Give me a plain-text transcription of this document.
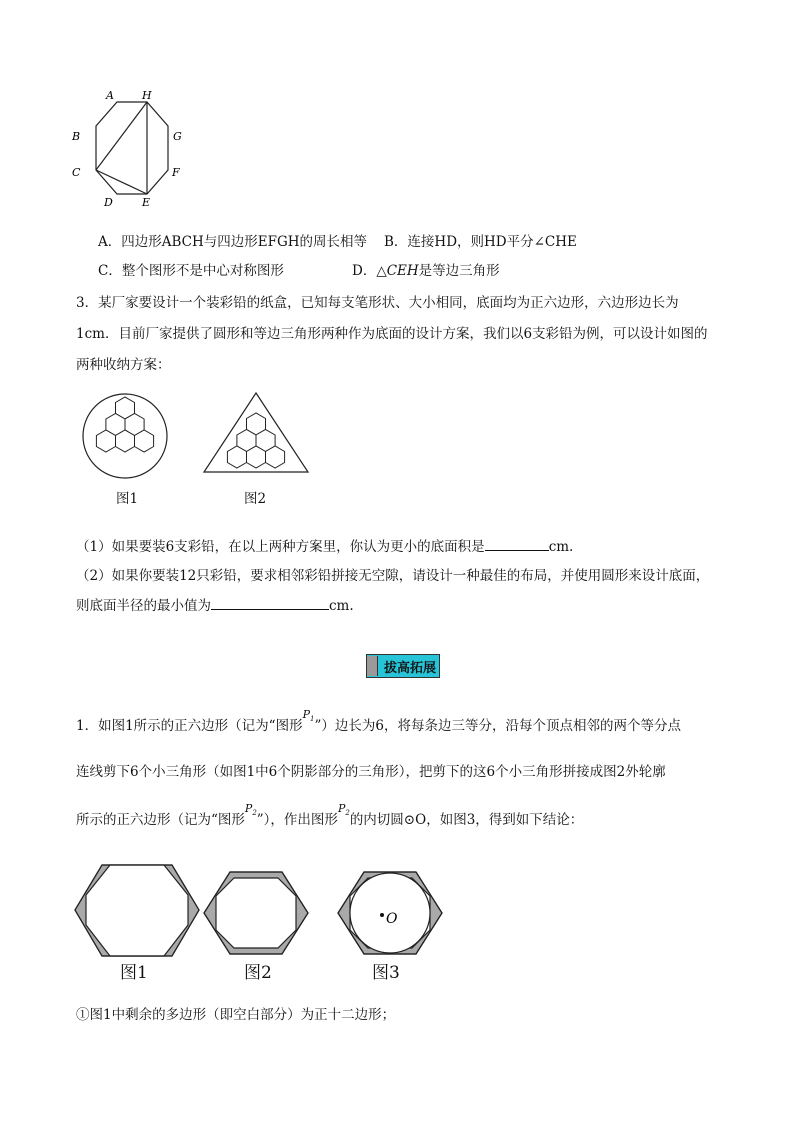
A	H
B	G
C	F
D	E
A．四边形ABCH与四边形EFGH的周长相等 B．连接HD，则HD平分∠CHE
C．整个图形不是中心对称图形	D．△CEH是等边三角形
3．某厂家要设计一个装彩铅的纸盒，已知每支笔形状、大小相同，底面均为正六边形，六边形边长为
1cm．目前厂家提供了圆形和等边三角形两种作为底面的设计方案，我们以6支彩铅为例，可以设计如图的
两种收纳方案：
图1	图2
（1）如果要装6支彩铅，在以上两种方案里，你认为更小的底面积是	cm.
（2）如果你要装12只彩铅，要求相邻彩铅拼接无空隙，请设计一种最佳的布局，并使用圆形来设计底面，
则底面半径的最小值为	cm.
拔高拓展
1．如图1所示的正六边形（记为“图形$^{P_1}$”）边长为6，将每条边三等分，沿每个顶点相邻的两个等分点
连线剪下6个小三角形（如图1中6个阴影部分的三角形），把剪下的这6个小三角形拼接成图2外轮廓
所示的正六边形（记为“图形$^{P_2}$”），作出图形$^{P_2}$的内切圆⊙O，如图3，得到如下结论：
图1	图2
O
图3
①图1中剩余的多边形（即空白部分）为正十二边形；
